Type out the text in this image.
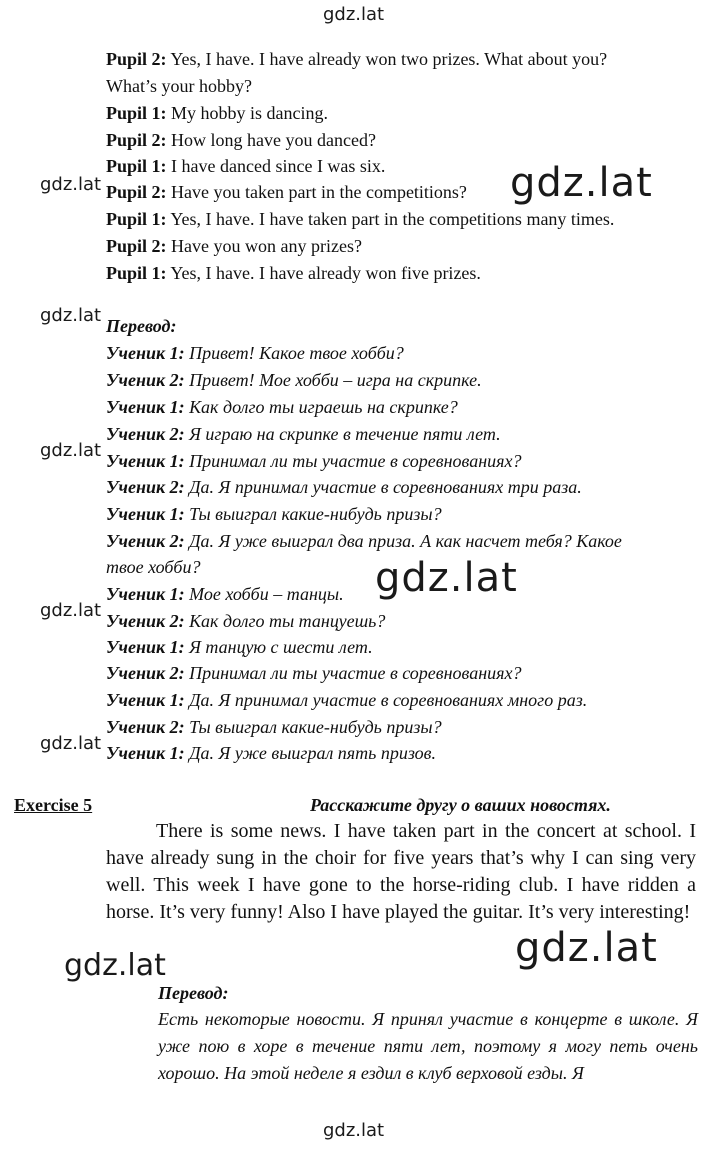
gdz.lat
gdz.lat	gdz.lat
gdz.lat
gdz.lat
gdz.lat
gdz.lat
gdz.lat
gdz.lat
gdz.lat
gdz.lat
Pupil 2: Yes, I have. I have already won two prizes. What about you?
What’s your hobby?
Pupil 1: My hobby is dancing.
Pupil 2: How long have you danced?
Pupil 1: I have danced since I was six.
Pupil 2: Have you taken part in the competitions?
Pupil 1: Yes, I have. I have taken part in the competitions many times.
Pupil 2: Have you won any prizes?
Pupil 1: Yes, I have. I have already won five prizes.
Перевод:
Ученик 1: Привет! Какое твое хобби?
Ученик 2: Привет! Мое хобби – игра на скрипке.
Ученик 1: Как долго ты играешь на скрипке?
Ученик 2: Я играю на скрипке в течение пяти лет.
Ученик 1: Принимал ли ты участие в соревнованиях?
Ученик 2: Да. Я принимал участие в соревнованиях три раза.
Ученик 1: Ты выиграл какие-нибудь призы?
Ученик 2: Да. Я уже выиграл два приза. А как насчет тебя? Какое
твое хобби?
Ученик 1: Мое хобби – танцы.
Ученик 2: Как долго ты танцуешь?
Ученик 1: Я танцую с шести лет.
Ученик 2: Принимал ли ты участие в соревнованиях?
Ученик 1: Да. Я принимал участие в соревнованиях много раз.
Ученик 2: Ты выиграл какие-нибудь призы?
Ученик 1: Да. Я уже выиграл пять призов.
Exercise 5	Расскажите другу о ваших новостях.
There is some news. I have taken part in the concert at school. I have already sung in the choir for five years that’s why I can sing very well. This week I have gone to the horse-riding club. I have ridden a horse. It’s very funny! Also I have played the guitar. It’s very interesting!
Перевод:
Есть некоторые новости. Я принял участие в концерте в школе. Я уже пою в хоре в течение пяти лет, поэтому я могу петь очень хорошо. На этой неделе я ездил в клуб верховой езды. Я
